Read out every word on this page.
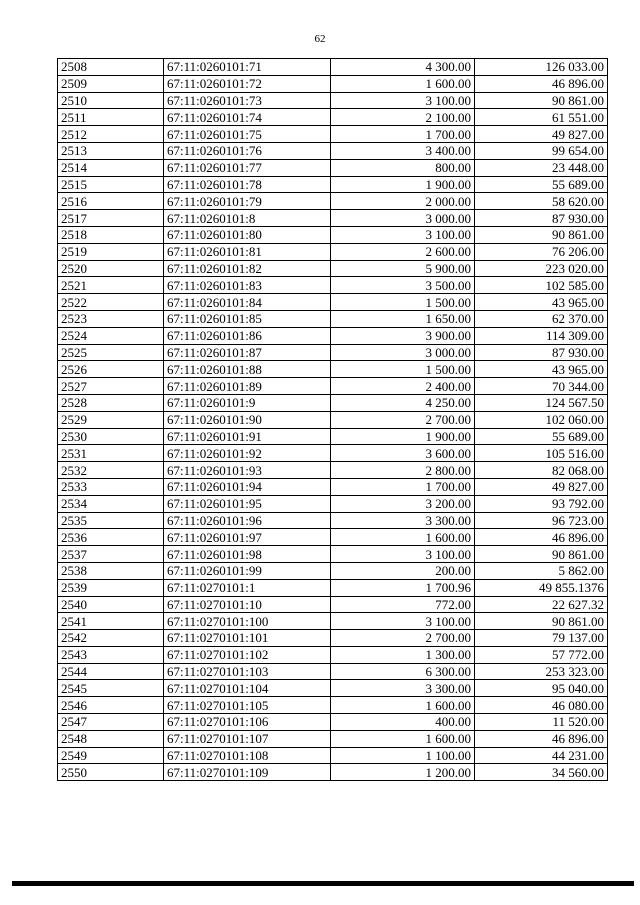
62
2508	67:11:0260101:71	4 300.00	126 033.00
2509	67:11:0260101:72	1 600.00	46 896.00
2510	67:11:0260101:73	3 100.00	90 861.00
2511	67:11:0260101:74	2 100.00	61 551.00
2512	67:11:0260101:75	1 700.00	49 827.00
2513	67:11:0260101:76	3 400.00	99 654.00
2514	67:11:0260101:77	800.00	23 448.00
2515	67:11:0260101:78	1 900.00	55 689.00
2516	67:11:0260101:79	2 000.00	58 620.00
2517	67:11:0260101:8	3 000.00	87 930.00
2518	67:11:0260101:80	3 100.00	90 861.00
2519	67:11:0260101:81	2 600.00	76 206.00
2520	67:11:0260101:82	5 900.00	223 020.00
2521	67:11:0260101:83	3 500.00	102 585.00
2522	67:11:0260101:84	1 500.00	43 965.00
2523	67:11:0260101:85	1 650.00	62 370.00
2524	67:11:0260101:86	3 900.00	114 309.00
2525	67:11:0260101:87	3 000.00	87 930.00
2526	67:11:0260101:88	1 500.00	43 965.00
2527	67:11:0260101:89	2 400.00	70 344.00
2528	67:11:0260101:9	4 250.00	124 567.50
2529	67:11:0260101:90	2 700.00	102 060.00
2530	67:11:0260101:91	1 900.00	55 689.00
2531	67:11:0260101:92	3 600.00	105 516.00
2532	67:11:0260101:93	2 800.00	82 068.00
2533	67:11:0260101:94	1 700.00	49 827.00
2534	67:11:0260101:95	3 200.00	93 792.00
2535	67:11:0260101:96	3 300.00	96 723.00
2536	67:11:0260101:97	1 600.00	46 896.00
2537	67:11:0260101:98	3 100.00	90 861.00
2538	67:11:0260101:99	200.00	5 862.00
2539	67:11:0270101:1	1 700.96	49 855.1376
2540	67:11:0270101:10	772.00	22 627.32
2541	67:11:0270101:100	3 100.00	90 861.00
2542	67:11:0270101:101	2 700.00	79 137.00
2543	67:11:0270101:102	1 300.00	57 772.00
2544	67:11:0270101:103	6 300.00	253 323.00
2545	67:11:0270101:104	3 300.00	95 040.00
2546	67:11:0270101:105	1 600.00	46 080.00
2547	67:11:0270101:106	400.00	11 520.00
2548	67:11:0270101:107	1 600.00	46 896.00
2549	67:11:0270101:108	1 100.00	44 231.00
2550	67:11:0270101:109	1 200.00	34 560.00
